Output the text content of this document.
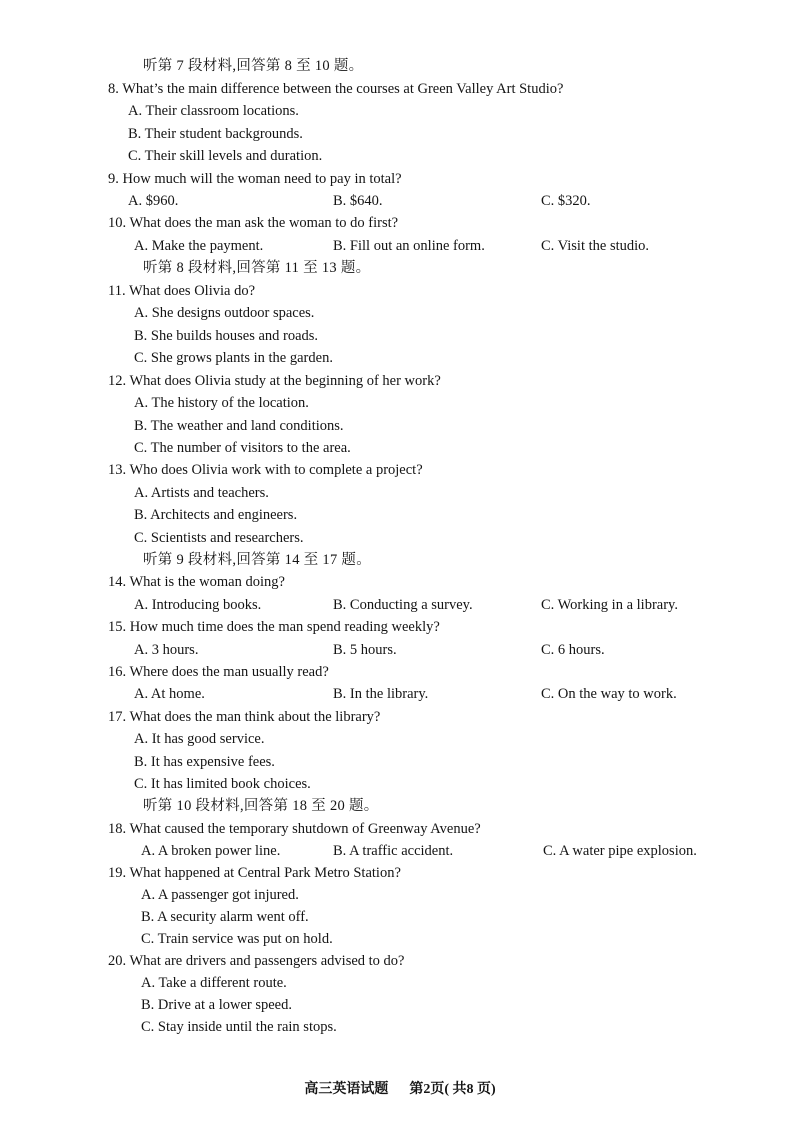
听第 7 段材料,回答第 8 至 10 题。
8. What’s the main difference between the courses at Green Valley Art Studio?
A. Their classroom locations.
B. Their student backgrounds.
C. Their skill levels and duration.
9. How much will the woman need to pay in total?
A. $960.	B. $640.	C. $320.
10. What does the man ask the woman to do first?
A. Make the payment.	B. Fill out an online form.	C. Visit the studio.
听第 8 段材料,回答第 11 至 13 题。
11. What does Olivia do?
A. She designs outdoor spaces.
B. She builds houses and roads.
C. She grows plants in the garden.
12. What does Olivia study at the beginning of her work?
A. The history of the location.
B. The weather and land conditions.
C. The number of visitors to the area.
13. Who does Olivia work with to complete a project?
A. Artists and teachers.
B. Architects and engineers.
C. Scientists and researchers.
听第 9 段材料,回答第 14 至 17 题。
14. What is the woman doing?
A. Introducing books.	B. Conducting a survey.	C. Working in a library.
15. How much time does the man spend reading weekly?
A. 3 hours.	B. 5 hours.	C. 6 hours.
16. Where does the man usually read?
A. At home.	B. In the library.	C. On the way to work.
17. What does the man think about the library?
A. It has good service.
B. It has expensive fees.
C. It has limited book choices.
听第 10 段材料,回答第 18 至 20 题。
18. What caused the temporary shutdown of Greenway Avenue?
A. A broken power line.	B. A traffic accident.	C. A water pipe explosion.
19. What happened at Central Park Metro Station?
A. A passenger got injured.
B. A security alarm went off.
C. Train service was put on hold.
20. What are drivers and passengers advised to do?
A. Take a different route.
B. Drive at a lower speed.
C. Stay inside until the rain stops.
高三英语试题 第2页( 共8 页)
